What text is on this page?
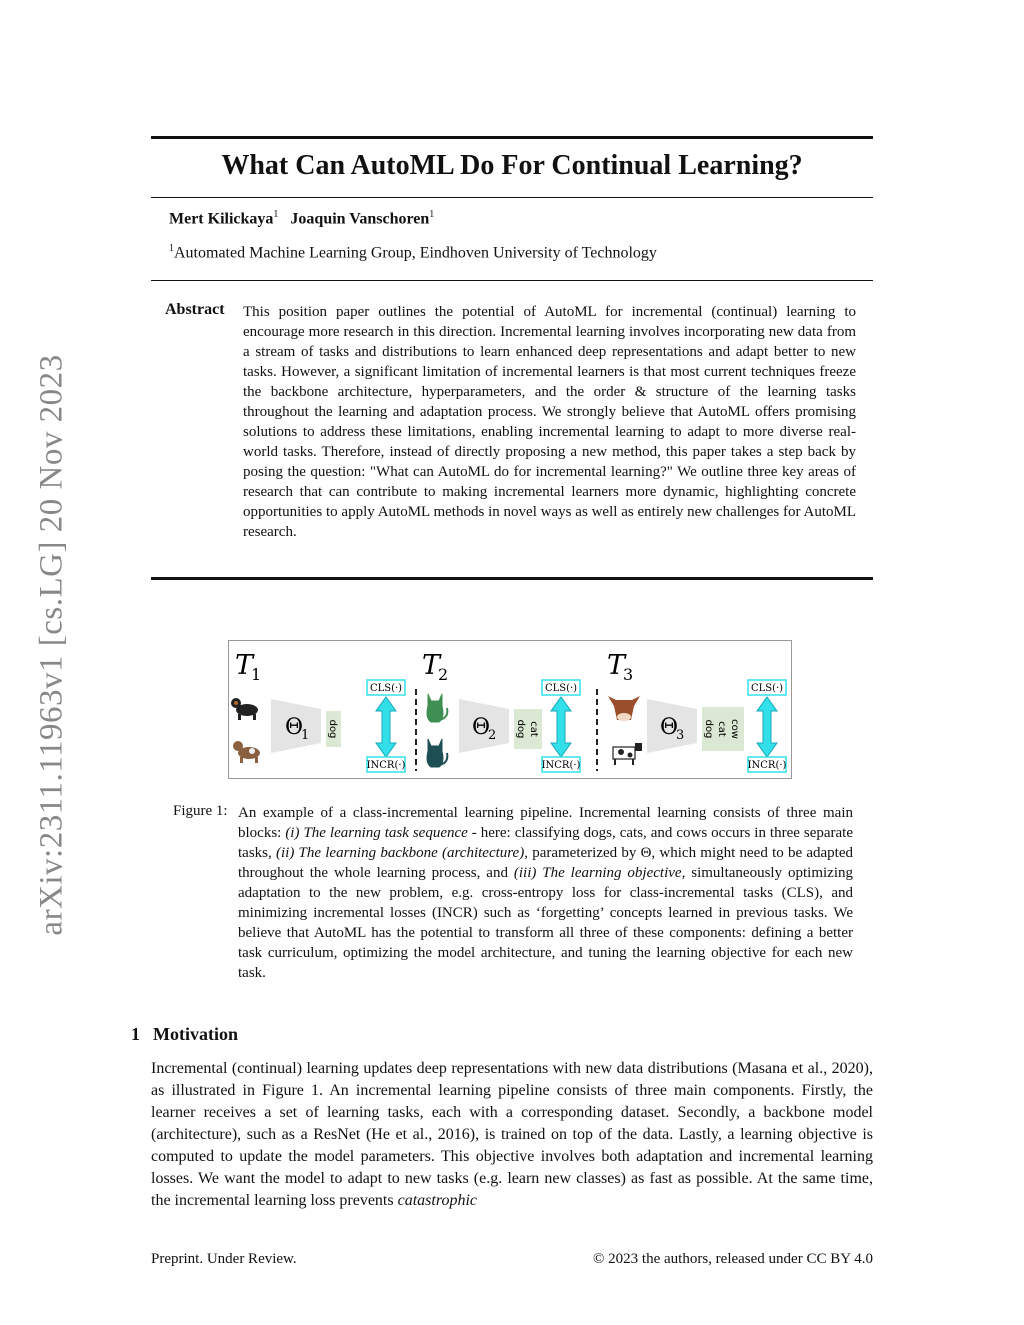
arXiv:2311.11963v1 [cs.LG] 20 Nov 2023
What Can AutoML Do For Continual Learning?
Mert Kilickaya$^1$ Joaquin Vanschoren$^1$
$^1$Automated Machine Learning Group, Eindhoven University of Technology
Abstract This position paper outlines the potential of AutoML for incremental (continual) learning to encourage more research in this direction. Incremental learning involves incorporating new data from a stream of tasks and distributions to learn enhanced deep representations and adapt better to new tasks. However, a significant limitation of incremental learners is that most current techniques freeze the backbone architecture, hyperparameters, and the order & structure of the learning tasks throughout the learning and adaptation process. We strongly believe that AutoML offers promising solutions to address these limitations, enabling incremental learning to adapt to more diverse real-world tasks. Therefore, instead of directly proposing a new method, this paper takes a step back by posing the question: "What can AutoML do for incremental learning?" We outline three key areas of research that can contribute to making incremental learners more dynamic, highlighting concrete opportunities to apply AutoML methods in novel ways as well as entirely new challenges for AutoML research.
T
1
Θ
1 dog
CLS(·)
INCR(·)
T
2
Θ
2 dog cat
CLS(·)
INCR(·)
T
3
Θ
3 dog cat cow
CLS(·)
INCR(·)
Figure 1: An example of a class-incremental learning pipeline. Incremental learning consists of three main blocks: (i) The learning task sequence - here: classifying dogs, cats, and cows occurs in three separate tasks, (ii) The learning backbone (architecture), parameterized by Θ, which might need to be adapted throughout the whole learning process, and (iii) The learning objective, simultaneously optimizing adaptation to the new problem, e.g. cross-entropy loss for class-incremental tasks (CLS), and minimizing incremental losses (INCR) such as ‘forgetting’ concepts learned in previous tasks. We believe that AutoML has the potential to transform all three of these components: defining a better task curriculum, optimizing the model architecture, and tuning the learning objective for each new task.
1 Motivation
Incremental (continual) learning updates deep representations with new data distributions (Masana et al., 2020), as illustrated in Figure 1. An incremental learning pipeline consists of three main components. Firstly, the learner receives a set of learning tasks, each with a corresponding dataset. Secondly, a backbone model (architecture), such as a ResNet (He et al., 2016), is trained on top of the data. Lastly, a learning objective is computed to update the model parameters. This objective involves both adaptation and incremental learning losses. We want the model to adapt to new tasks (e.g. learn new classes) as fast as possible. At the same time, the incremental learning loss prevents catastrophic
Preprint. Under Review.	© 2023 the authors, released under CC BY 4.0
